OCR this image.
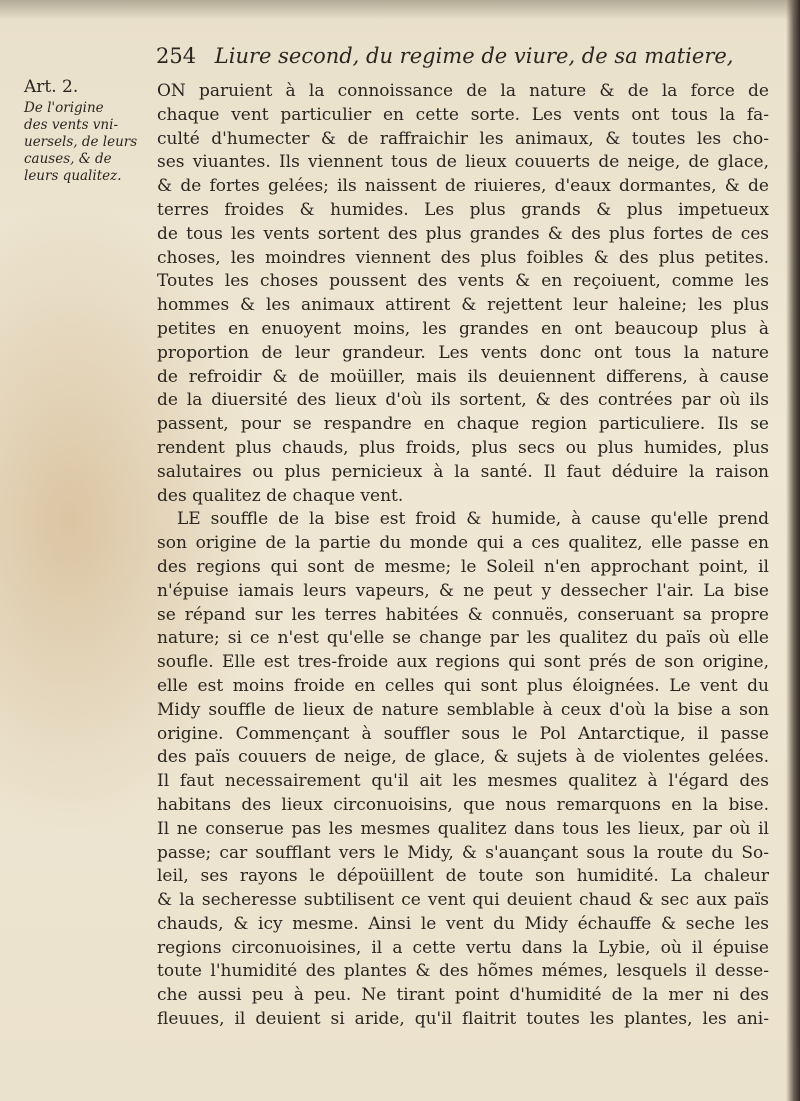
254 Liure second, du regime de viure, de sa matiere,
Art. 2.
De l'origine
des vents vni-
uersels, de leurs
causes, & de
leurs qualitez.
ON paruient à la connoissance de la nature & de la force de
chaque vent particulier en cette sorte. Les vents ont tous la fa-
culté d'humecter & de raffraichir les animaux, & toutes les cho-
ses viuantes. Ils viennent tous de lieux couuerts de neige, de glace,
& de fortes gelées; ils naissent de riuieres, d'eaux dormantes, & de
terres froides & humides. Les plus grands & plus impetueux
de tous les vents sortent des plus grandes & des plus fortes de ces
choses, les moindres viennent des plus foibles & des plus petites.
Toutes les choses poussent des vents & en reçoiuent, comme les
hommes & les animaux attirent & rejettent leur haleine; les plus
petites en enuoyent moins, les grandes en ont beaucoup plus à
proportion de leur grandeur. Les vents donc ont tous la nature
de refroidir & de moüiller, mais ils deuiennent differens, à cause
de la diuersité des lieux d'où ils sortent, & des contrées par où ils
passent, pour se respandre en chaque region particuliere. Ils se
rendent plus chauds, plus froids, plus secs ou plus humides, plus
salutaires ou plus pernicieux à la santé. Il faut déduire la raison
des qualitez de chaque vent.
LE souffle de la bise est froid & humide, à cause qu'elle prend
son origine de la partie du monde qui a ces qualitez, elle passe en
des regions qui sont de mesme; le Soleil n'en approchant point, il
n'épuise iamais leurs vapeurs, & ne peut y dessecher l'air. La bise
se répand sur les terres habitées & connuës, conseruant sa propre
nature; si ce n'est qu'elle se change par les qualitez du païs où elle
soufle. Elle est tres-froide aux regions qui sont prés de son origine,
elle est moins froide en celles qui sont plus éloignées. Le vent du
Midy souffle de lieux de nature semblable à ceux d'où la bise a son
origine. Commençant à souffler sous le Pol Antarctique, il passe
des païs couuers de neige, de glace, & sujets à de violentes gelées.
Il faut necessairement qu'il ait les mesmes qualitez à l'égard des
habitans des lieux circonuoisins, que nous remarquons en la bise.
Il ne conserue pas les mesmes qualitez dans tous les lieux, par où il
passe; car soufflant vers le Midy, & s'auançant sous la route du So-
leil, ses rayons le dépoüillent de toute son humidité. La chaleur
& la secheresse subtilisent ce vent qui deuient chaud & sec aux païs
chauds, & icy mesme. Ainsi le vent du Midy échauffe & seche les
regions circonuoisines, il a cette vertu dans la Lybie, où il épuise
toute l'humidité des plantes & des hõmes mémes, lesquels il desse-
che aussi peu à peu. Ne tirant point d'humidité de la mer ni des
fleuues, il deuient si aride, qu'il flaitrit toutes les plantes, les ani-
